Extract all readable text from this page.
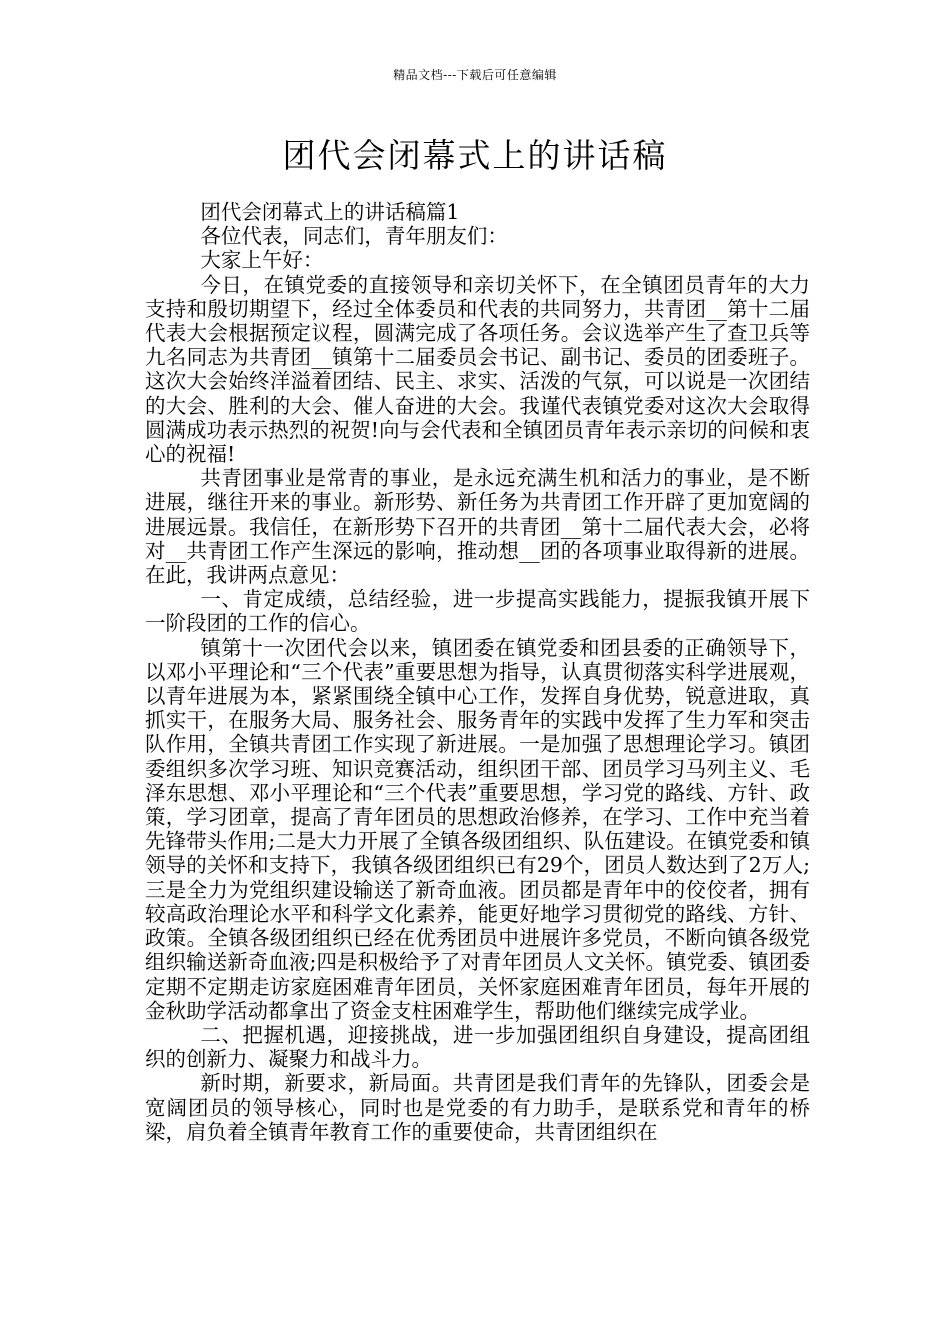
精品文档---下载后可任意编辑
团代会闭幕式上的讲话稿

团代会闭幕式上的讲话稿篇1

各位代表，同志们，青年朋友们：

大家上午好：

今日，在镇党委的直接领导和亲切关怀下，在全镇团员青年的大力支持和殷切期望下，经过全体委员和代表的共同努力，共青团__第十二届代表大会根据预定议程，圆满完成了各项任务。会议选举产生了查卫兵等九名同志为共青团__镇第十二届委员会书记、副书记、委员的团委班子。这次大会始终洋溢着团结、民主、求实、活泼的气氛，可以说是一次团结的大会、胜利的大会、催人奋进的大会。我谨代表镇党委对这次大会取得圆满成功表示热烈的祝贺!向与会代表和全镇团员青年表示亲切的问候和衷心的祝福!

共青团事业是常青的事业，是永远充满生机和活力的事业，是不断进展，继往开来的事业。新形势、新任务为共青团工作开辟了更加宽阔的进展远景。我信任，在新形势下召开的共青团__第十二届代表大会，必将对__共青团工作产生深远的影响，推动想__团的各项事业取得新的进展。在此，我讲两点意见：

一、肯定成绩，总结经验，进一步提高实践能力，提振我镇开展下一阶段团的工作的信心。

镇第十一次团代会以来，镇团委在镇党委和团县委的正确领导下，以邓小平理论和“三个代表”重要思想为指导，认真贯彻落实科学进展观，以青年进展为本，紧紧围绕全镇中心工作，发挥自身优势，锐意进取，真抓实干，在服务大局、服务社会、服务青年的实践中发挥了生力军和突击队作用，全镇共青团工作实现了新进展。一是加强了思想理论学习。镇团委组织多次学习班、知识竞赛活动，组织团干部、团员学习马列主义、毛泽东思想、邓小平理论和“三个代表”重要思想，学习党的路线、方针、政策，学习团章，提高了青年团员的思想政治修养，在学习、工作中充当着先锋带头作用;二是大力开展了全镇各级团组织、队伍建设。在镇党委和镇领导的关怀和支持下，我镇各级团组织已有29个，团员人数达到了2万人;三是全力为党组织建设输送了新奇血液。团员都是青年中的佼佼者，拥有较高政治理论水平和科学文化素养，能更好地学习贯彻党的路线、方针、政策。全镇各级团组织已经在优秀团员中进展许多党员，不断向镇各级党组织输送新奇血液;四是积极给予了对青年团员人文关怀。镇党委、镇团委定期不定期走访家庭困难青年团员，关怀家庭困难青年团员，每年开展的金秋助学活动都拿出了资金支柱困难学生，帮助他们继续完成学业。

二、把握机遇，迎接挑战，进一步加强团组织自身建设，提高团组织的创新力、凝聚力和战斗力。

新时期，新要求，新局面。共青团是我们青年的先锋队，团委会是宽阔团员的领导核心，同时也是党委的有力助手，是联系党和青年的桥梁，肩负着全镇青年教育工作的重要使命，共青团组织在
